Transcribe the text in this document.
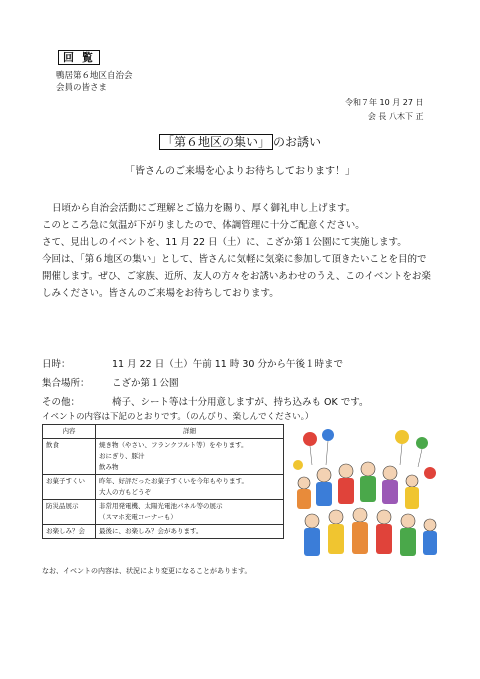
回 覧
鴨居第６地区自治会
会員の皆さま
令和７年 10 月 27 日
会 長 八木下 正
「第６地区の集い」 のお誘い
「皆さんのご来場を心よりお待ちしております！」
日頃から自治会活動にご理解とご協力を賜り、厚く御礼申し上げます。
このところ急に気温が下がりましたので、体調管理に十分ご配意ください。
さて、見出しのイベントを、11 月 22 日（土）に、こざか第１公園にて実施します。
今回は、「第６地区の集い」として、皆さんに気軽に気楽に参加して頂きたいことを目的で
開催します。ぜひ、ご家族、近所、友人の方々をお誘いあわせのうえ、このイベントをお楽
しみください。皆さんのご来場をお待ちしております。
日時：	11 月 22 日（土）午前 11 時 30 分から午後１時まで
集合場所：	こざか第１公園
その他：	椅子、シート等は十分用意しますが、持ち込みも OK です。
イベントの内容は下記のとおりです。（のんびり、楽しんでください。）
内容	詳細
飲食	焼き物（やさい、フランクフルト等）をやります。
おにぎり、豚汁
飲み物

お菓子すくい	昨年、好評だったお菓子すくいを今年もやります。
大人の方もどうぞ

防災品展示	非常用発電機、太陽光電池パネル等の展示
（スマホ充電コーナーも）

お楽しみ？会	最後に、お楽しみ？会があります。
なお、イベントの内容は、状況により変更になることがあります。
